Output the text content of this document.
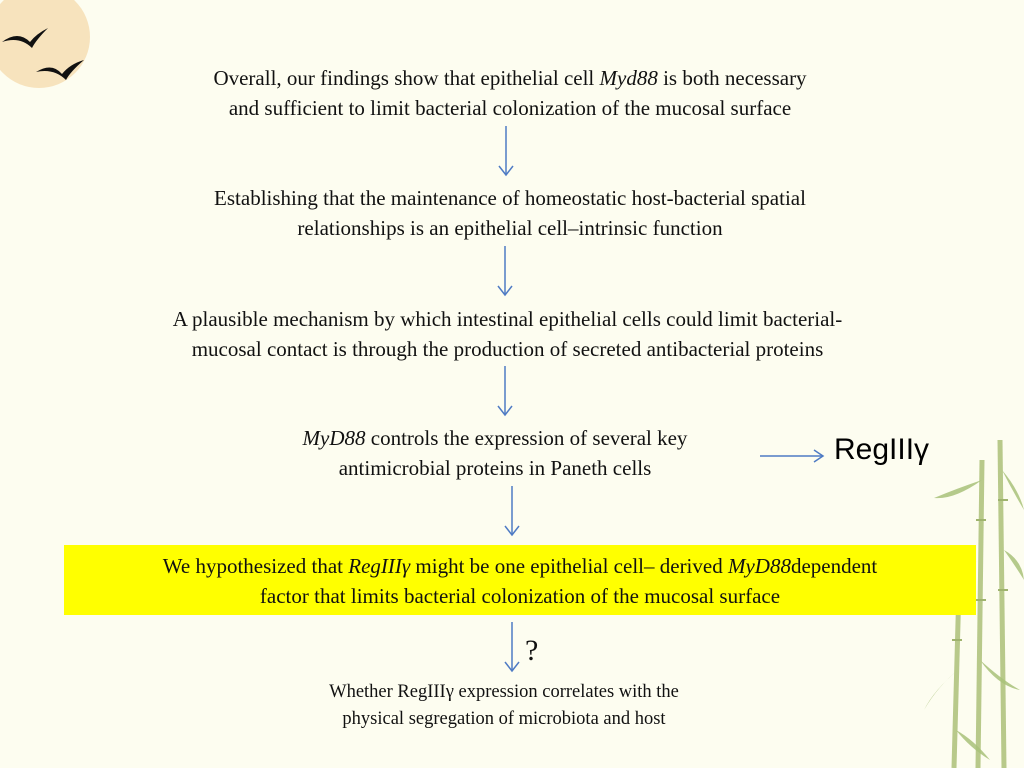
Overall, our findings show that epithelial cell Myd88 is both necessary
and sufficient to limit bacterial colonization of the mucosal surface
Establishing that the maintenance of homeostatic host-bacterial spatial
relationships is an epithelial cell–intrinsic function
A plausible mechanism by which intestinal epithelial cells could limit bacterial-
mucosal contact is through the production of secreted antibacterial proteins
MyD88 controls the expression of several key
antimicrobial proteins in Paneth cells
RegIIIγ
We hypothesized that RegIIIγ might be one epithelial cell– derived MyD88dependent
factor that limits bacterial colonization of the mucosal surface
?
Whether RegIIIγ expression correlates with the
physical segregation of microbiota and host
